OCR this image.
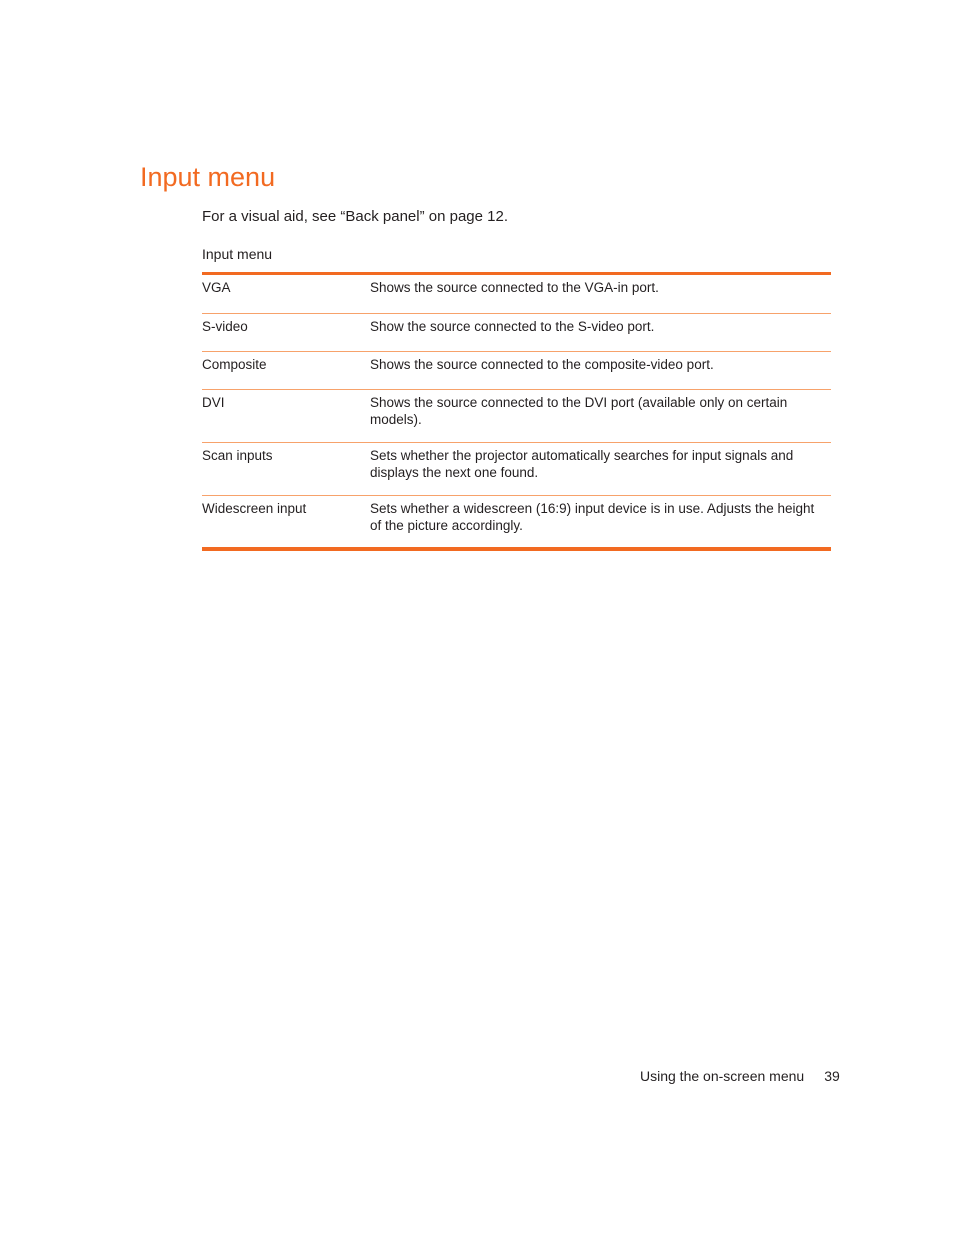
Input menu

For a visual aid, see “Back panel” on page 12.

Input menu

VGA	Shows the source connected to the VGA-in port.
S-video	Show the source connected to the S-video port.
Composite	Shows the source connected to the composite-video port.
DVI	Shows the source connected to the DVI port (available only on certain models).
Scan inputs	Sets whether the projector automatically searches for input signals and displays the next one found.
Widescreen input	Sets whether a widescreen (16:9) input device is in use. Adjusts the height of the picture accordingly.
Using the on-screen menu 39
